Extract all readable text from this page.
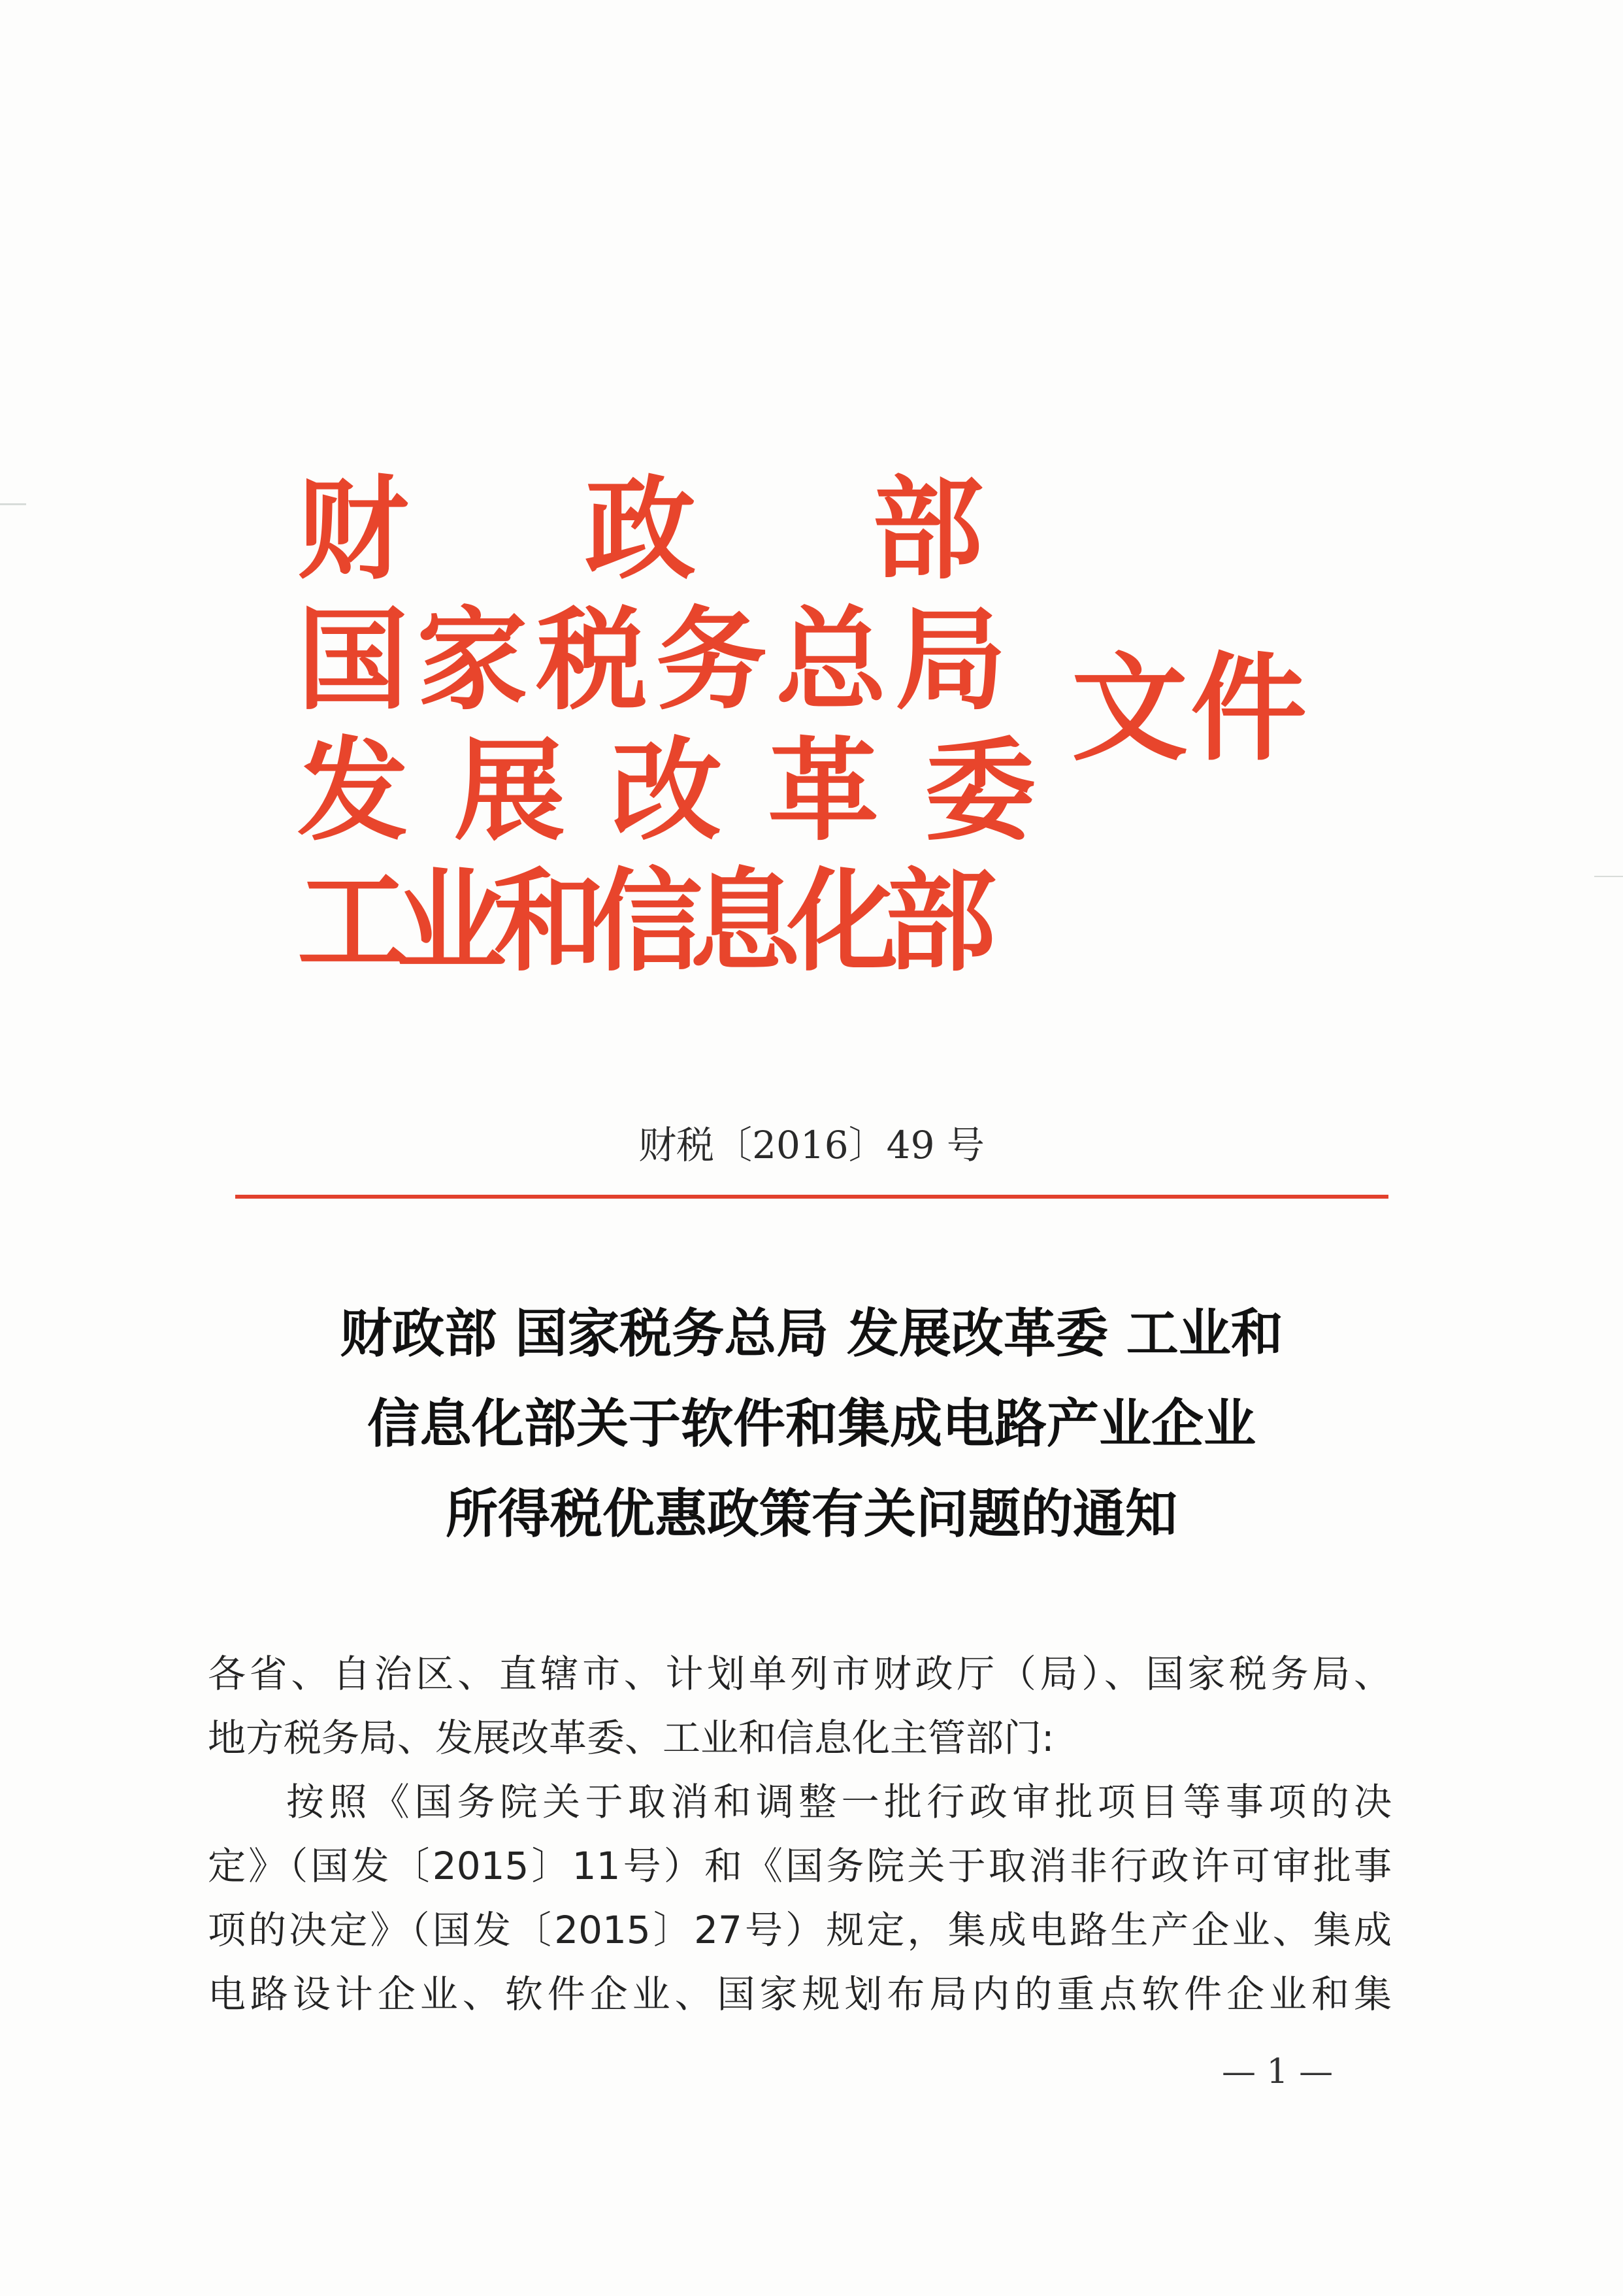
财 政 部
国家税务总局
发展改革委
工业和信息化部
文件
财税〔2016〕49 号
财政部 国家税务总局 发展改革委 工业和
信息化部关于软件和集成电路产业企业
所得税优惠政策有关问题的通知
各省、自治区、直辖市、计划单列市财政厅（局）、国家税务局、
地方税务局、发展改革委、工业和信息化主管部门:
按照《国务院关于取消和调整一批行政审批项目等事项的决
定》（国发〔2015〕11号）和《国务院关于取消非行政许可审批事
项的决定》（国发〔2015〕27号）规定，集成电路生产企业、集成
电路设计企业、软件企业、国家规划布局内的重点软件企业和集
— 1 —
